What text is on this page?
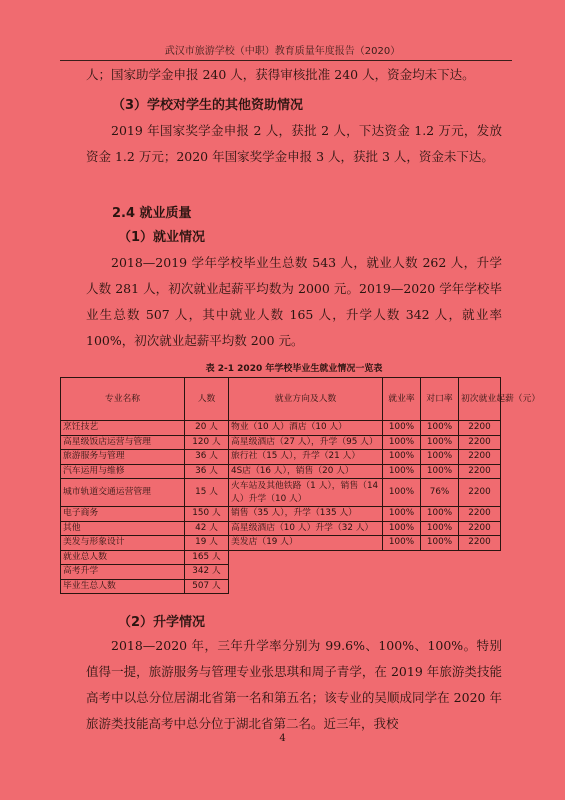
武汉市旅游学校（中职）教育质量年度报告（2020）
人；国家助学金申报 240 人，获得审核批准 240 人，资金均未下达。
（3）学校对学生的其他资助情况
2019 年国家奖学金申报 2 人，获批 2 人，下达资金 1.2 万元，发放资金 1.2 万元；2020 年国家奖学金申报 3 人，获批 3 人，资金未下达。
2.4 就业质量
（1）就业情况
2018—2019 学年学校毕业生总数 543 人，就业人数 262 人，升学人数 281 人，初次就业起薪平均数为 2000 元。2019—2020 学年学校毕业生总数 507 人，其中就业人数 165 人，升学人数 342 人，就业率 100%，初次就业起薪平均数 200 元。
表 2-1 2020 年学校毕业生就业情况一览表
专业名称	人数	就业方向及人数	就业率	对口率	初次就业起薪（元）
烹饪技艺	20 人	物业（10 人）酒店（10 人）	100%	100%	2200
高星级饭店运营与管理	120 人	高星级酒店（27 人），升学（95 人）	100%	100%	2200
旅游服务与管理	36 人	旅行社（15 人），升学（21 人）	100%	100%	2200
汽车运用与维修	36 人	4S店（16 人），销售（20 人）	100%	100%	2200
城市轨道交通运营管理	15 人	火车站及其他铁路（1 人），销售（14 人）升学（10 人）	100%	76%	2200
电子商务	150 人	销售（35 人），升学（135 人）	100%	100%	2200
其他	42 人	高星级酒店（10 人）升学（32 人）	100%	100%	2200
美发与形象设计	19 人	美发店（19 人）	100%	100%	2200
就业总人数	165 人				
高考升学	342 人				
毕业生总人数	507 人				
（2）升学情况
2018—2020 年，三年升学率分别为 99.6%、100%、100%。特别值得一提，旅游服务与管理专业张思琪和周子青学，在 2019 年旅游类技能高考中以总分位居湖北省第一名和第五名；该专业的吴顺成同学在 2020 年旅游类技能高考中总分位于湖北省第二名。近三年，我校
4
